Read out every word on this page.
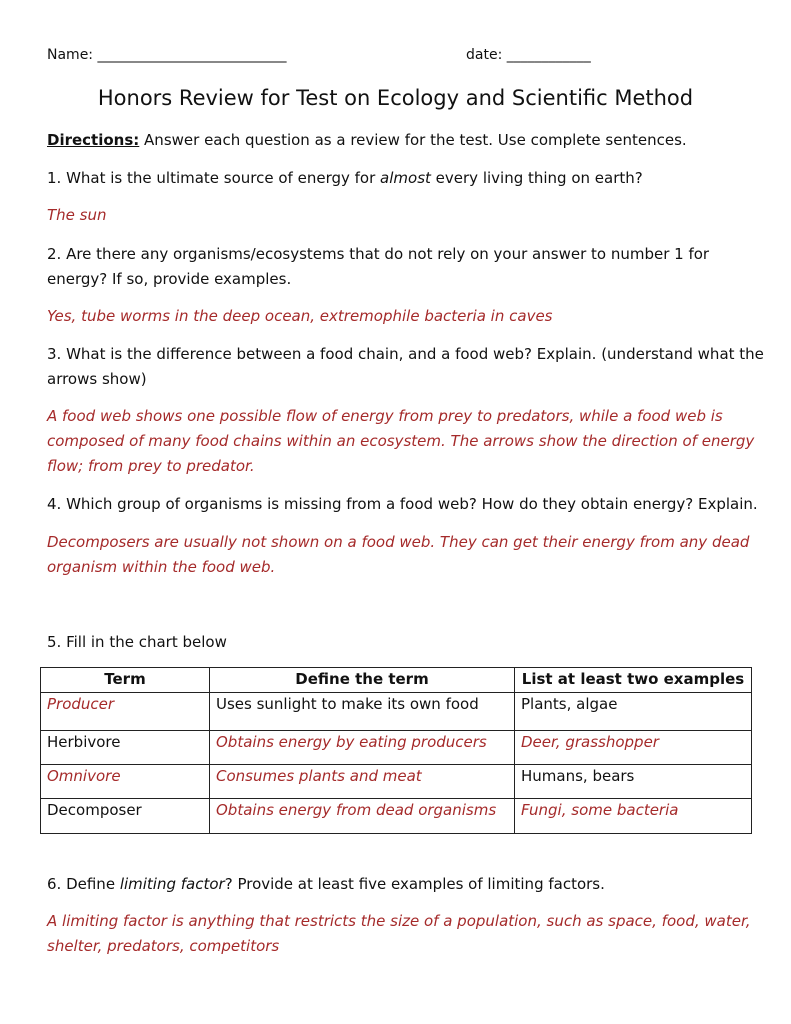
Name: ___________________________	date: ____________
Honors Review for Test on Ecology and Scientific Method
Directions: Answer each question as a review for the test. Use complete sentences.
1. What is the ultimate source of energy for almost every living thing on earth?
The sun
2. Are there any organisms/ecosystems that do not rely on your answer to number 1 for
energy? If so, provide examples.
Yes, tube worms in the deep ocean, extremophile bacteria in caves
3. What is the difference between a food chain, and a food web? Explain. (understand what the
arrows show)
A food web shows one possible flow of energy from prey to predators, while a food web is
composed of many food chains within an ecosystem. The arrows show the direction of energy
flow; from prey to predator.
4. Which group of organisms is missing from a food web? How do they obtain energy? Explain.
Decomposers are usually not shown on a food web. They can get their energy from any dead
organism within the food web.
5. Fill in the chart below
Term	Define the term	List at least two examples
Producer	Uses sunlight to make its own food	Plants, algae
Herbivore	Obtains energy by eating producers	Deer, grasshopper
Omnivore	Consumes plants and meat	Humans, bears
Decomposer	Obtains energy from dead organisms	Fungi, some bacteria
6. Define limiting factor? Provide at least five examples of limiting factors.
A limiting factor is anything that restricts the size of a population, such as space, food, water,
shelter, predators, competitors
